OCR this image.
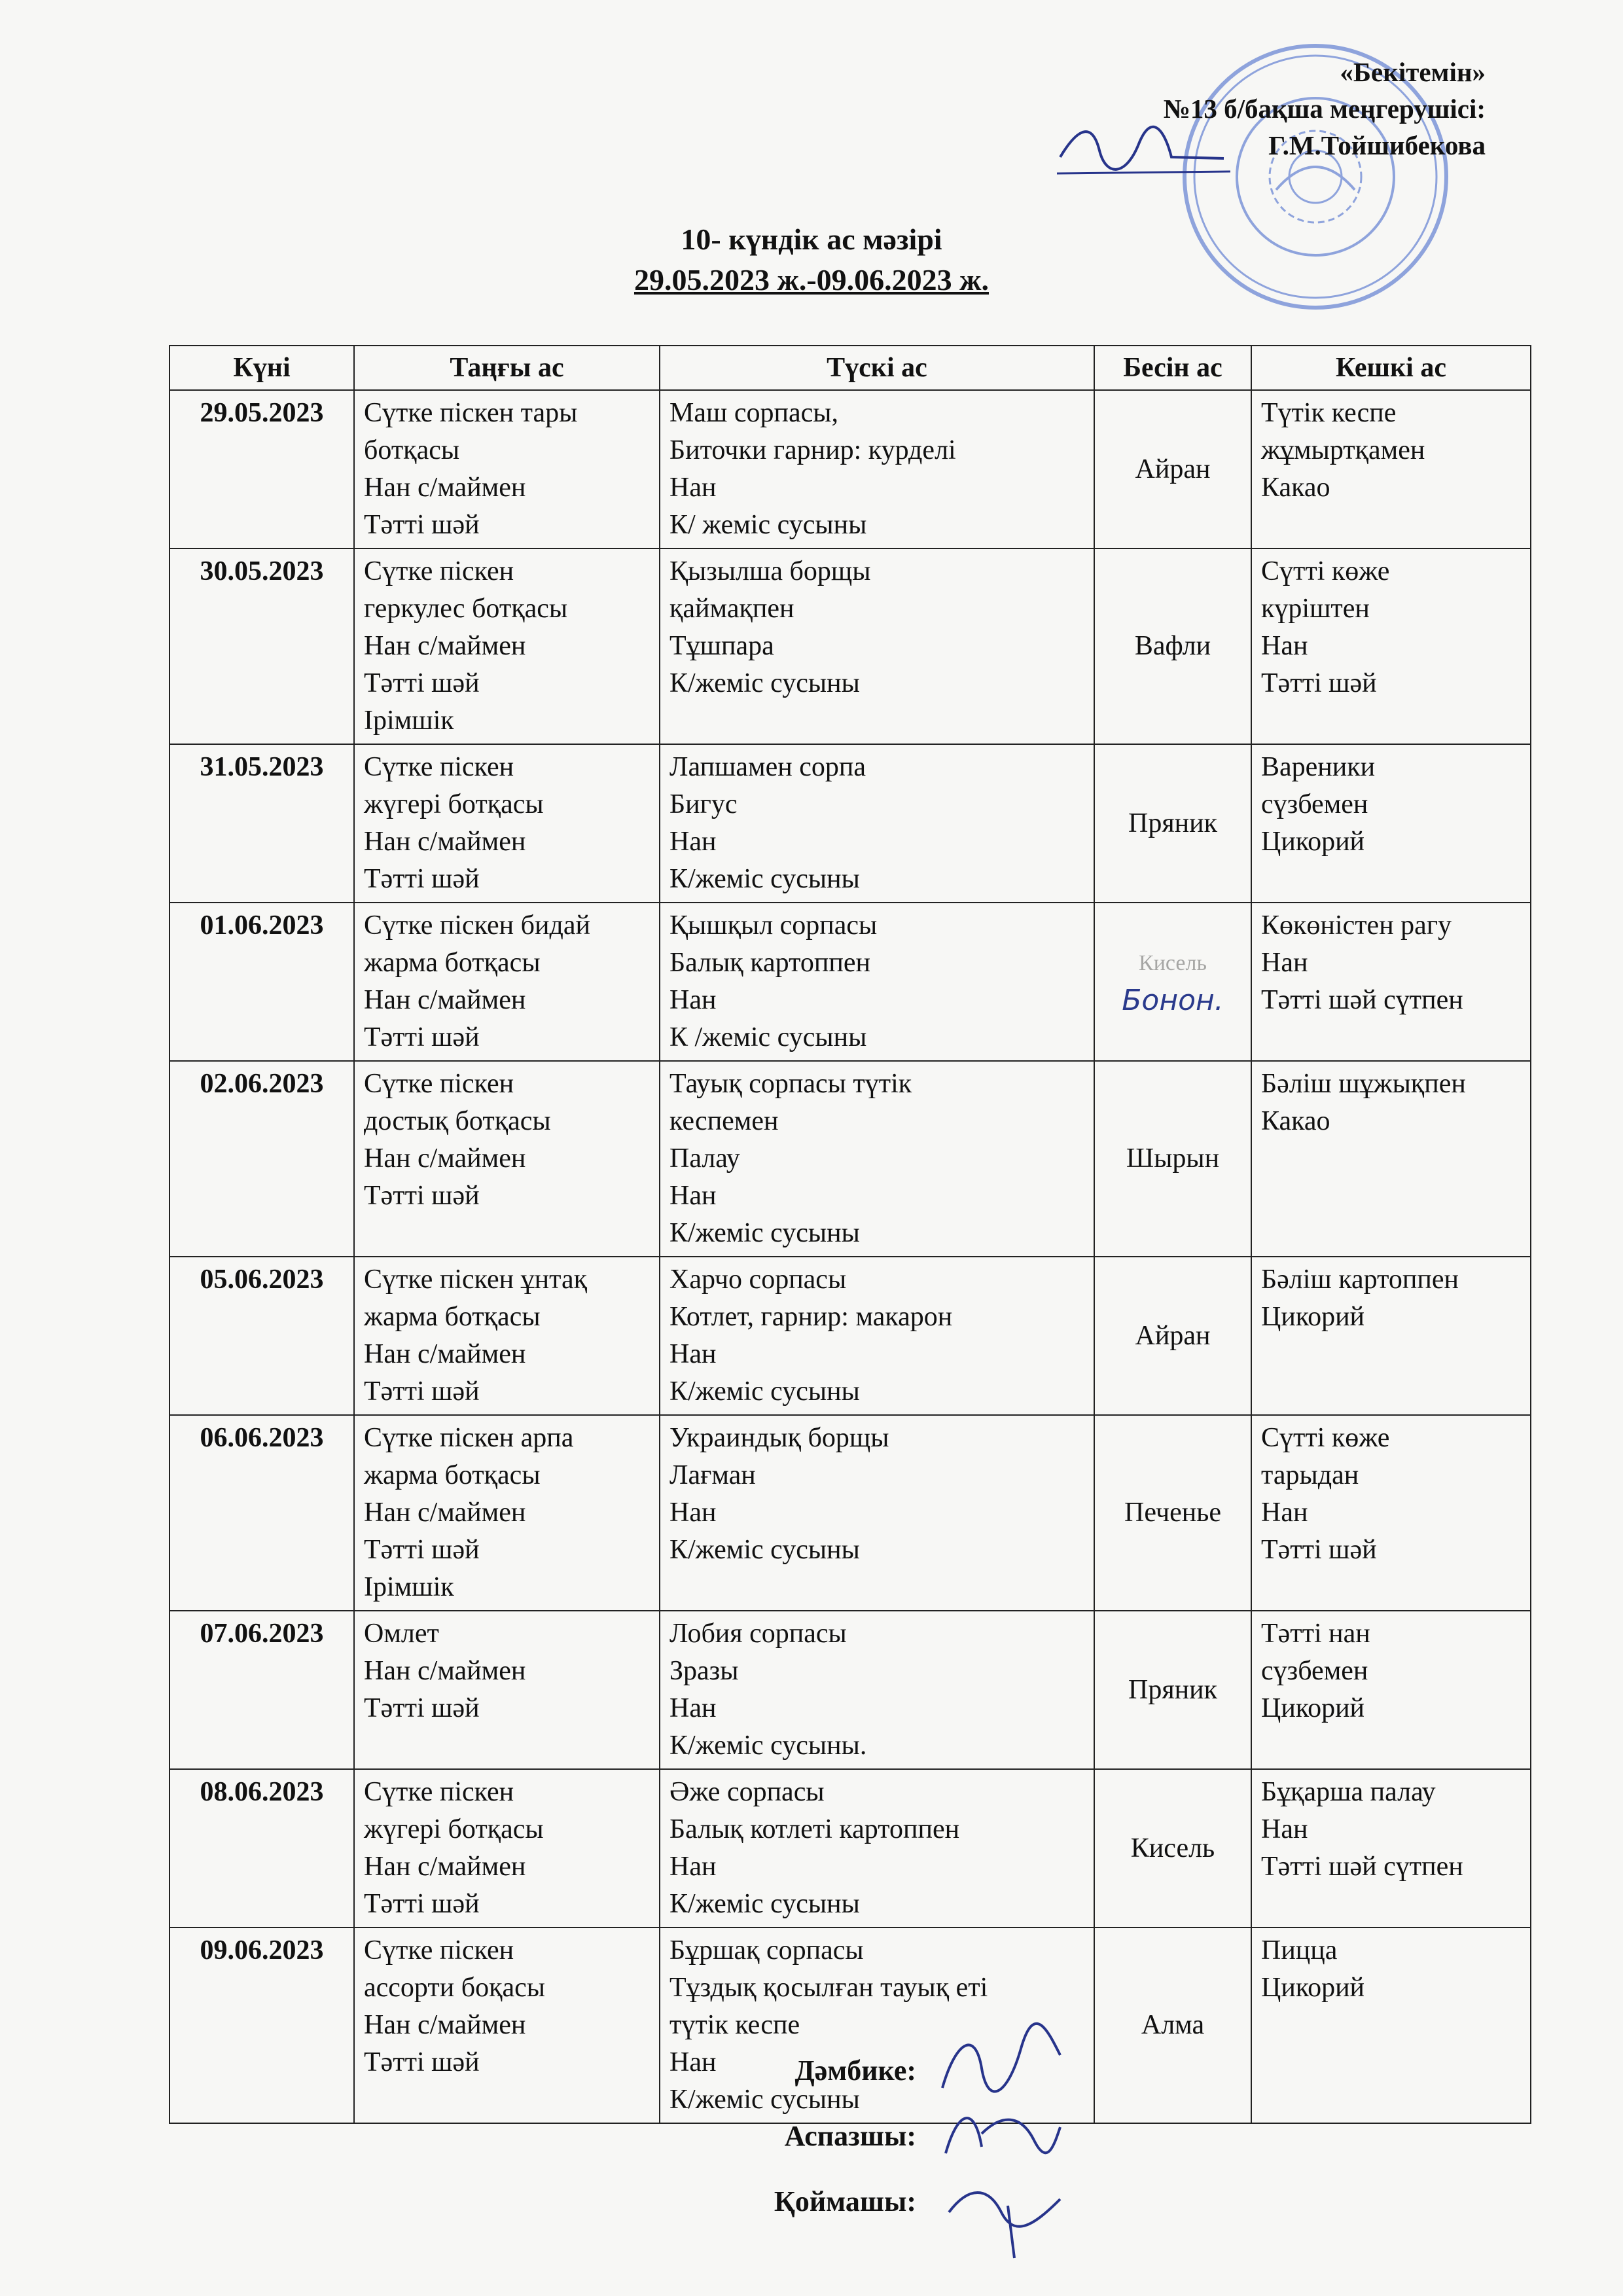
«Бекітемін»
№13 б/бақша меңгерушісі:
Г.М.Тойшибекова
10- күндік ас мәзірі
29.05.2023 ж.-09.06.2023 ж.
Күні	Таңғы ас	Түскі ас	Бесін ас	Кешкі ас
29.05.2023	Сүтке піскен тары
ботқасы
Нан с/маймен
Тәтті шәй	Маш сорпасы,
Биточки гарнир: курделі
Нан
К/ жеміс сусыны	Айран	Түтік кеспе
жұмыртқамен
Какао

30.05.2023	Сүтке піскен
геркулес ботқасы
Нан с/маймен
Тәтті шәй
Ірімшік	Қызылша борщы
қаймақпен
Тұшпара
К/жеміс сусыны	Вафли	Сүтті көже
күріштен
Нан
Тәтті шәй

31.05.2023	Сүтке піскен
жүгері ботқасы
Нан с/маймен
Тәтті шәй	Лапшамен сорпа
Бигус
Нан
К/жеміс сусыны	Пряник	Вареники
сүзбемен
Цикорий

01.06.2023	Сүтке піскен бидай
жарма ботқасы
Нан с/маймен
Тәтті шәй	Қышқыл сорпасы
Балық картоппен
Нан
К /жеміс сусыны	Кисель
Бонон.	Көкөністен рагу
Нан
Тәтті шәй сүтпен

02.06.2023	Сүтке піскен
достық ботқасы
Нан с/маймен
Тәтті шәй	Тауық сорпасы түтік
кеспемен
Палау
Нан
К/жеміс сусыны	Шырын	Бәліш шұжықпен
Какао

05.06.2023	Сүтке піскен ұнтақ
жарма ботқасы
Нан с/маймен
Тәтті шәй	Харчо сорпасы
Котлет, гарнир: макарон
Нан
К/жеміс сусыны	Айран	Бәліш картоппен
Цикорий

06.06.2023	Сүтке піскен арпа
жарма ботқасы
Нан с/маймен
Тәтті шәй
Ірімшік	Украиндық борщы
Лағман
Нан
К/жеміс сусыны	Печенье	Сүтті көже
тарыдан
Нан
Тәтті шәй

07.06.2023	Омлет
Нан с/маймен
Тәтті шәй	Лобия сорпасы
Зразы
Нан
К/жеміс сусыны.	Пряник	Тәтті нан
сүзбемен
Цикорий

08.06.2023	Сүтке піскен
жүгері ботқасы
Нан с/маймен
Тәтті шәй	Әже сорпасы
Балық котлеті картоппен
Нан
К/жеміс сусыны	Кисель	Бұқарша палау
Нан
Тәтті шәй сүтпен

09.06.2023	Сүтке піскен
ассорти боқасы
Нан с/маймен
Тәтті шәй	Бұршақ сорпасы
Тұздық қосылған тауық еті
түтік кеспе
Нан
К/жеміс сусыны	Алма	Пицца
Цикорий
Дәмбике:
Аспазшы:
Қоймашы:
